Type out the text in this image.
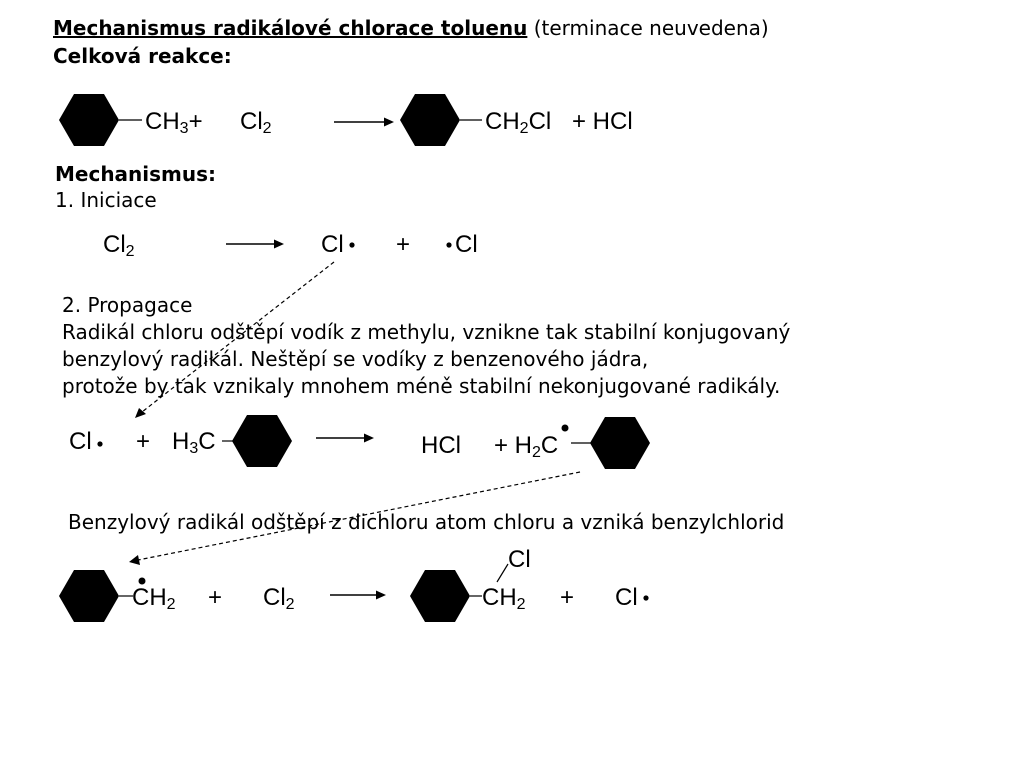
Mechanismus radikálové chlorace toluenu (terminace neuvedena)

Celková reakce:

$CH_3+ Cl_2$	$CH_2Cl$ + HCl

Mechanismus:

1. Iniciace

$Cl_2$	Cl + Cl

2. Propagace

Radikál chloru odštěpí vodík z methylu, vznikne tak stabilní konjugovaný

benzylový radikál. Neštěpí se vodíky z benzenového jádra,

protože by tak vznikaly mnohem méně stabilní nekonjugované radikály.

$Cl + H_3C$	HCl + $H_2C$

Benzylový radikál odštěpí z dichloru atom chloru a vzniká benzylchlorid

$CH_2 + Cl_2$
Cl
$CH_2 + Cl$
